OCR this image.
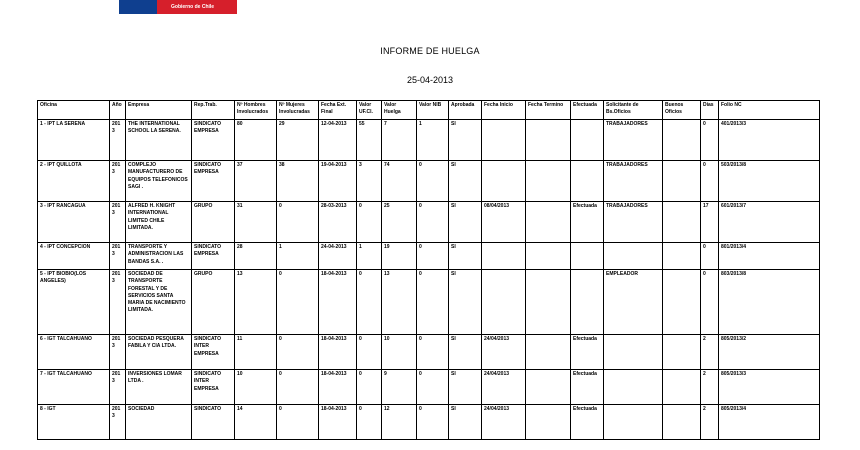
Gobierno de Chile
INFORME DE HUELGA
25-04-2013
Oficina	Año	Empresa	Rep.Trab.	Nº Hombres Involucrados	Nº Mujeres Involucradas	Fecha Ext. Final	Valor UF.Cl.	Valor Huelga	Valor NIB	Aprobada	Fecha Inicio	Fecha Termino	Efectuada	Solicitante de Bs.Oficios	Buenos Oficios	Días	Folio NC
1 - IPT LA SERENA	2013	THE INTERNATIONAL SCHOOL LA SERENA.	SINDICATO EMPRESA	80	29	12-04-2013	55	7	1	SI				TRABAJADORES		0	401/2013/3
2 - IPT QUILLOTA	2013	COMPLEJO MANUFACTURERO DE EQUIPOS TELEFONICOS SAGI .	SINDICATO EMPRESA	37	38	19-04-2013	3	74	0	SI				TRABAJADORES		0	503/2013/8
3 - IPT RANCAGUA	2013	ALFRED H. KNIGHT INTERNATIONAL LIMITED CHILE LIMITADA.	GRUPO	31	0	28-03-2013	0	25	0	SI	08/04/2013		Efectuada	TRABAJADORES		17	601/2013/7
4 - IPT CONCEPCION	2013	TRANSPORTE Y ADMINISTRACION LAS BANDAS S.A. .	SINDICATO EMPRESA	28	1	24-04-2013	1	19	0	SI						0	801/2013/4
5 - IPT BIOBIO(LOS ANGELES)	2013	SOCIEDAD DE TRANSPORTE FORESTAL Y DE SERVICIOS SANTA MARIA DE NACIMIENTO LIMITADA.	GRUPO	13	0	18-04-2013	0	13	0	SI				EMPLEADOR		0	803/2013/8
6 - IGT TALCAHUANO	2013	SOCIEDAD PESQUERA FABILA Y CIA LTDA.	SINDICATO INTER EMPRESA	11	0	18-04-2013	0	10	0	SI	24/04/2013		Efectuada			2	805/2013/2
7 - IGT TALCAHUANO	2013	INVERSIONES LOMAR LTDA .	SINDICATO INTER EMPRESA	10	0	18-04-2013	0	9	0	SI	24/04/2013		Efectuada			2	805/2013/3
8 - IGT	2013	SOCIEDAD	SINDICATO	14	0	18-04-2013	0	12	0	SI	24/04/2013		Efectuada			2	805/2013/4
